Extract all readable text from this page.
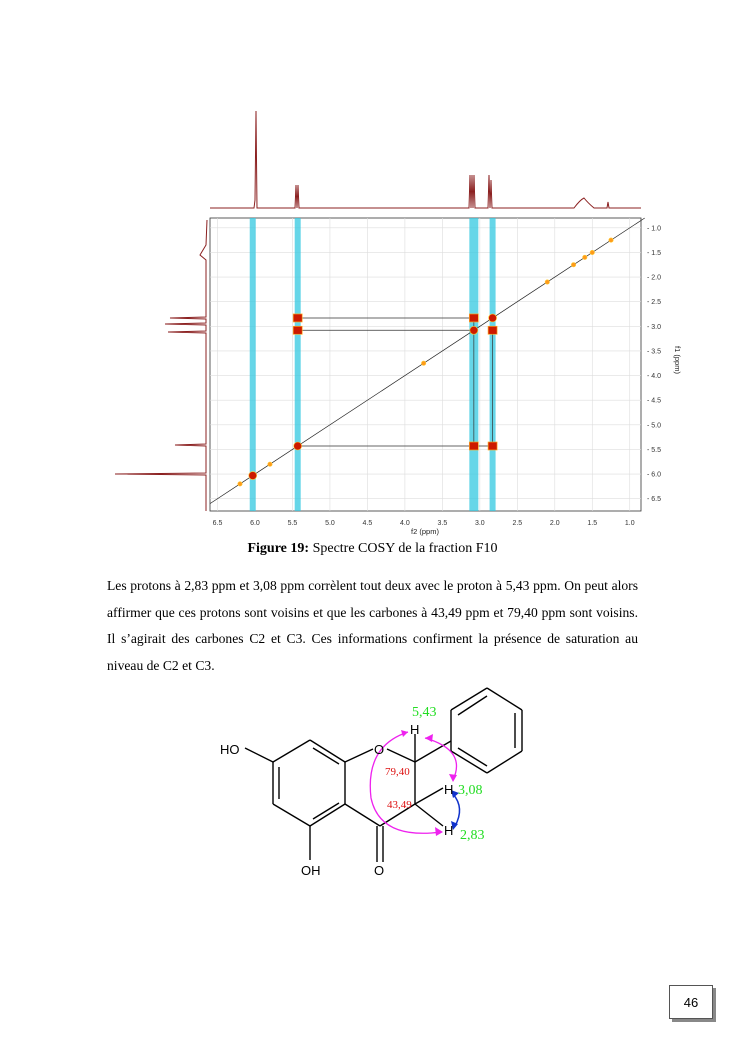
6.5	6.0	5.5	5.0	4.5	4.0	3.5	3.0	2.5	2.0	1.5	1.0
- 1.0
- 1.5
- 2.0
- 2.5
- 3.0
- 3.5
- 4.0
- 4.5
- 5.0
- 5.5
- 6.0
- 6.5
f2 (ppm)
f1 (ppm)
Figure 19: Spectre COSY de la fraction F10

Les protons à 2,83 ppm et 3,08 ppm corrèlent tout deux avec le proton à 5,43 ppm. On peut alors affirmer que ces protons sont voisins et que les carbones à 43,49 ppm et 79,40 ppm sont voisins. Il s’agirait des carbones C2 et C3. Ces informations confirment la présence de saturation au niveau de C2 et C3.

HO
OH
O
O
H
H
H
5,43
3,08
2,83
79,40
43,49
46
